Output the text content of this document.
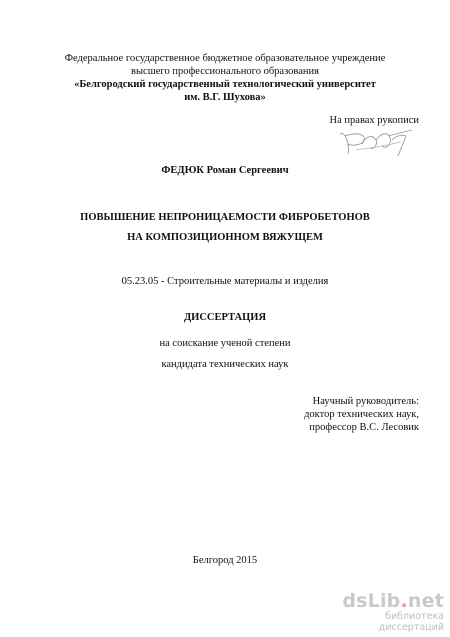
Федеральное государственное бюджетное образовательное учреждение
высшего профессионального образования
«Белгородский государственный технологический университет
им. В.Г. Шухова»
На правах рукописи
ФЕДЮК Роман Сергеевич
ПОВЫШЕНИЕ НЕПРОНИЦАЕМОСТИ ФИБРОБЕТОНОВ
НА КОМПОЗИЦИОННОМ ВЯЖУЩЕМ
05.23.05 - Строительные материалы и изделия
ДИССЕРТАЦИЯ
на соискание ученой степени
кандидата технических наук
Научный руководитель:
доктор технических наук,
профессор В.С. Лесовик
Белгород 2015
dsLib.net
библиотека диссертаций
